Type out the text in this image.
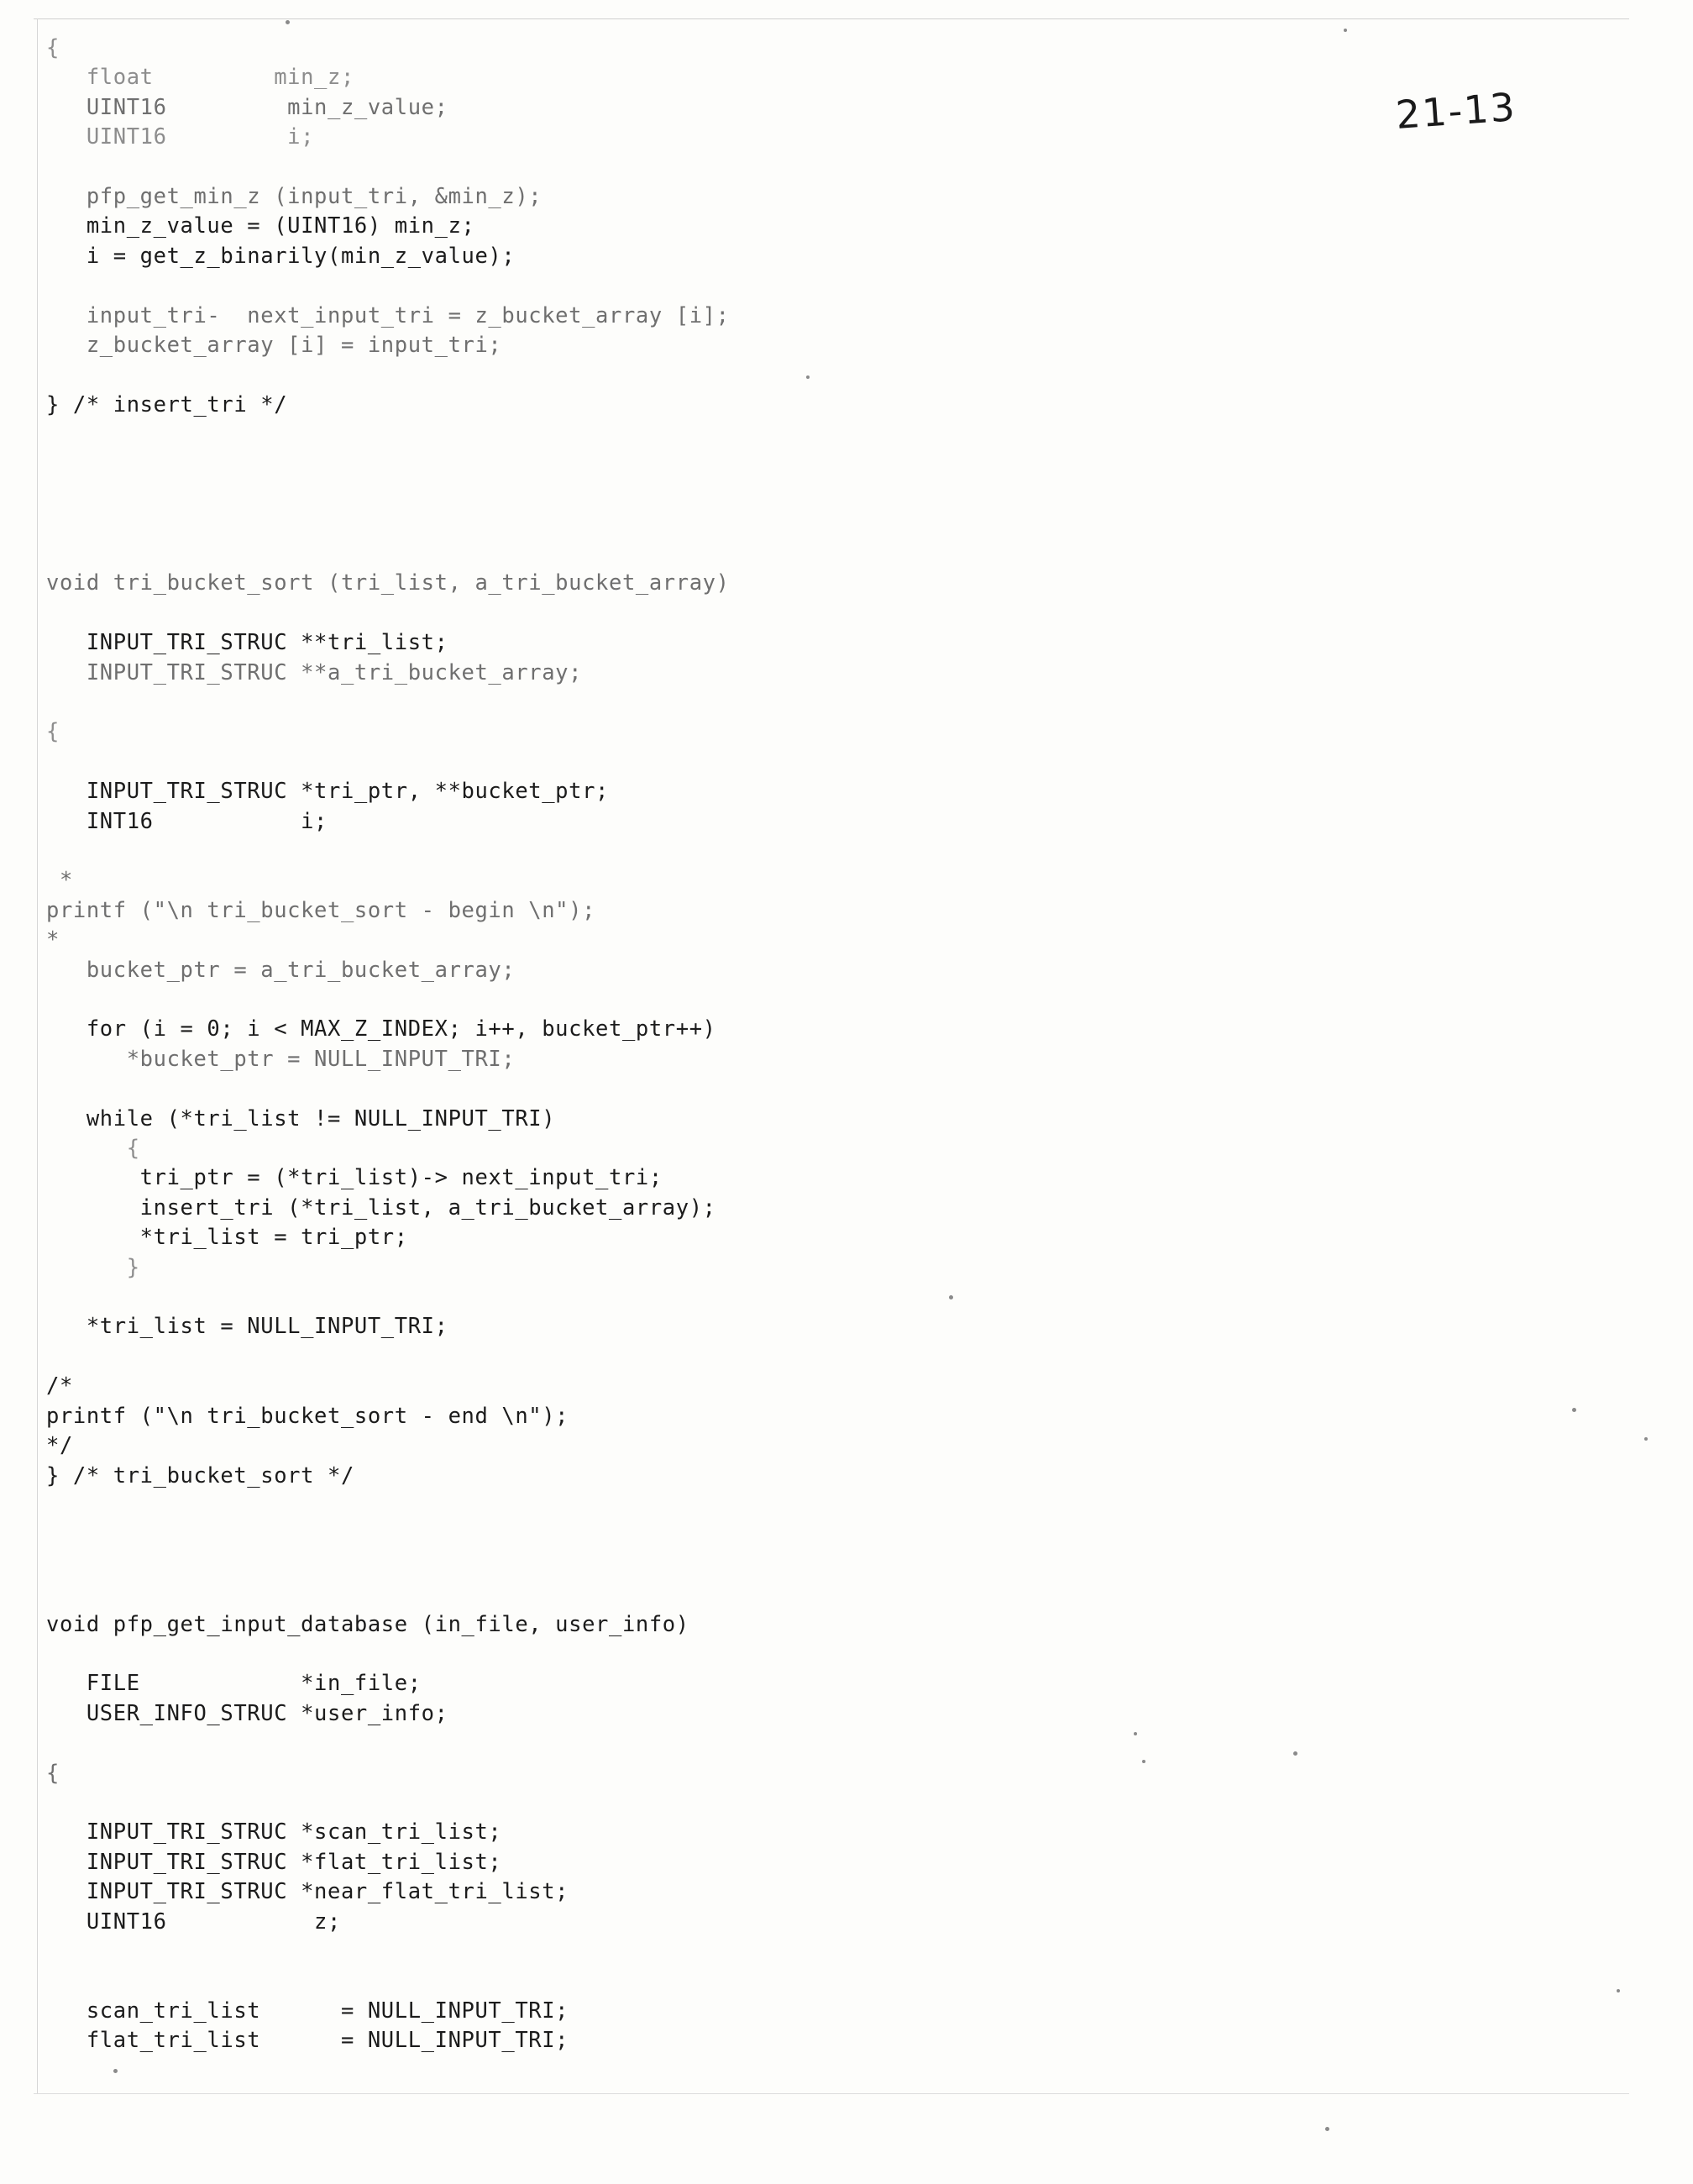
21-13
{
float         min_z;
UINT16         min_z_value;
UINT16         i;

pfp_get_min_z (input_tri, &min_z);
min_z_value = (UINT16) min_z;
i = get_z_binarily(min_z_value);

input_tri-  next_input_tri = z_bucket_array [i];
z_bucket_array [i] = input_tri;

} /* insert_tri */

void tri_bucket_sort (tri_list, a_tri_bucket_array)

INPUT_TRI_STRUC **tri_list;
INPUT_TRI_STRUC **a_tri_bucket_array;

{

INPUT_TRI_STRUC *tri_ptr, **bucket_ptr;
INT16           i;

*
printf ("\n tri_bucket_sort - begin \n");
*
bucket_ptr = a_tri_bucket_array;

for (i = 0; i < MAX_Z_INDEX; i++, bucket_ptr++)
*bucket_ptr = NULL_INPUT_TRI;

while (*tri_list != NULL_INPUT_TRI)
{
tri_ptr = (*tri_list)-> next_input_tri;
insert_tri (*tri_list, a_tri_bucket_array);
*tri_list = tri_ptr;
}

*tri_list = NULL_INPUT_TRI;

/*
printf ("\n tri_bucket_sort - end \n");
*/
} /* tri_bucket_sort */

void pfp_get_input_database (in_file, user_info)

FILE            *in_file;
USER_INFO_STRUC *user_info;

{

INPUT_TRI_STRUC *scan_tri_list;
INPUT_TRI_STRUC *flat_tri_list;
INPUT_TRI_STRUC *near_flat_tri_list;
UINT16           z;

scan_tri_list      = NULL_INPUT_TRI;
flat_tri_list      = NULL_INPUT_TRI;
